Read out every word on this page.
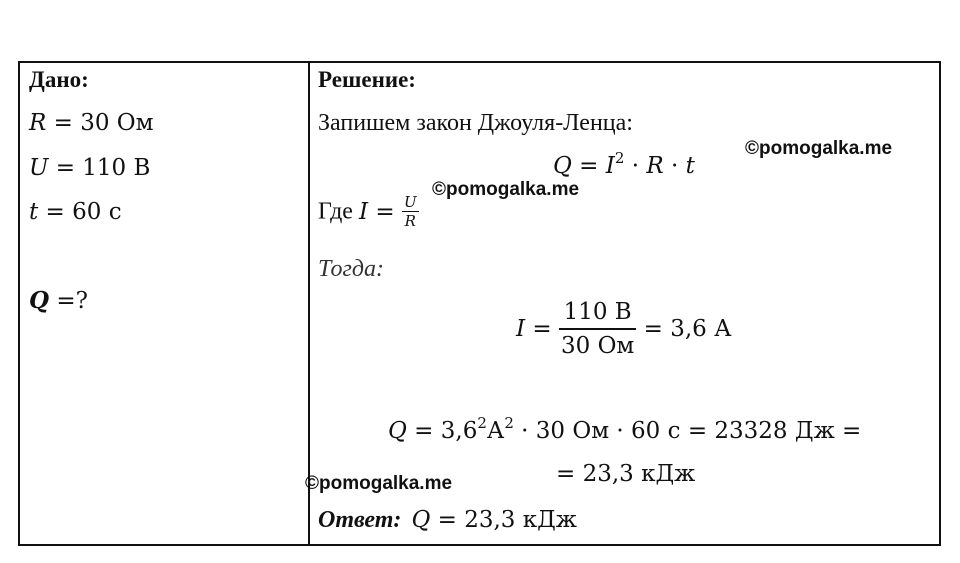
Дано:
R = 30 Ом
U = 110 В
t = 60 с
Q =?
Решение:
Запишем закон Джоуля-Ленца:
$Q = I^2 \cdot R \cdot t$
Где $I = \frac{U}{R}$
Тогда:
$I = \frac{110 В}{30 Ом} = 3,6$ А
$Q = 3,6^2А^2 \cdot 30$ Ом · 60 с = 23328 Дж =
= 23,3 кДж
Ответ: Q = 23,3 кДж
©pomogalka.me
©pomogalka.me
©pomogalka.me
